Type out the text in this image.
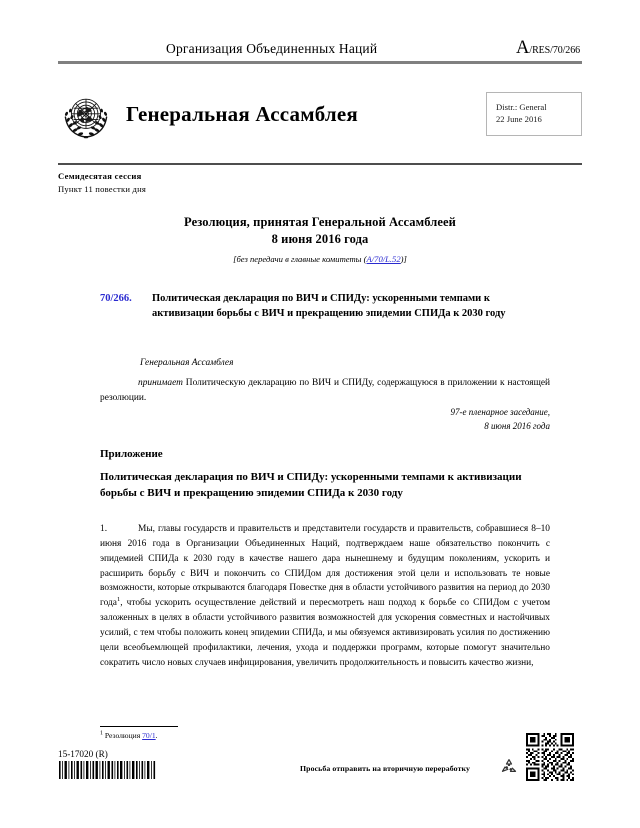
Организация Объединенных Наций	A/RES/70/266
Генеральная Ассамблея	Distr.: General
22 June 2016
Семидесятая сессия
Пункт 11 повестки дня
Резолюция, принятая Генеральной Ассамблеей
8 июня 2016 года
[без передачи в главные комитеты (A/70/L.52)]
70/266.	Политическая декларация по ВИЧ и СПИДу: ускоренными темпами к активизации борьбы с ВИЧ и прекращению эпидемии СПИДа к 2030 году
Генеральная Ассамблея
принимает Политическую декларацию по ВИЧ и СПИДу, содержащуюся в приложении к настоящей резолюции.
97-е пленарное заседание,
8 июня 2016 года
Приложение
Политическая декларация по ВИЧ и СПИДу: ускоренными темпами к активизации борьбы с ВИЧ и прекращению эпидемии СПИДа к 2030 году
1.	Мы, главы государств и правительств и представители государств и правительств, собравшиеся 8–10 июня 2016 года в Организации Объединенных Наций, подтверждаем наше обязательство покончить с эпидемией СПИДа к 2030 году в качестве нашего дара нынешнему и будущим поколениям, ускорить и расширить борьбу с ВИЧ и покончить со СПИДом для достижения этой цели и использовать те новые возможности, которые открываются благодаря Повестке дня в области устойчивого развития на период до 2030 года$^1$, чтобы ускорить осуществление действий и пересмотреть наш подход к борьбе со СПИДом с учетом заложенных в целях в области устойчивого развития возможностей для ускорения совместных и настойчивых усилий, с тем чтобы положить конец эпидемии СПИДа, и мы обязуемся активизировать усилия по достижению цели всеобъемлющей профилактики, лечения, ухода и поддержки программ, которые помогут значительно сократить число новых случаев инфицирования, увеличить продолжительность и повысить качество жизни,
$^1$ Резолюция 70/1.
15-17020 (R)
Просьба отправить на вторичную переработку
